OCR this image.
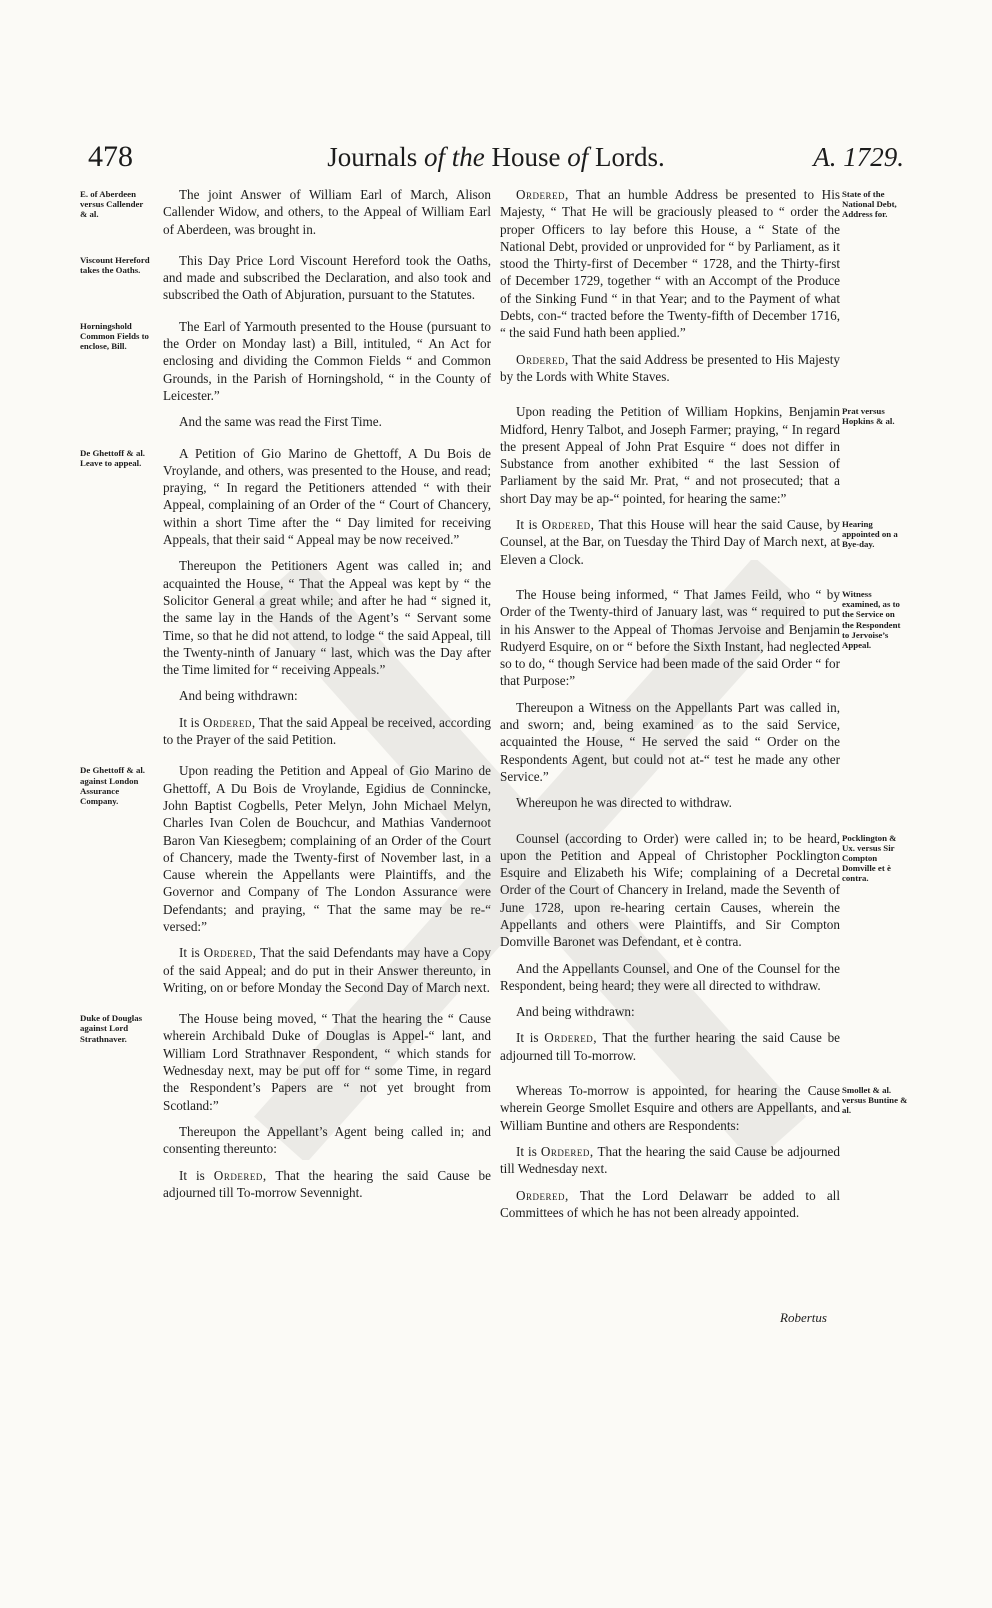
478	Journals of the House of Lords.	A. 1729.
E. of Aberdeen versus Callender & al.

The joint Answer of William Earl of March, Alison Callender Widow, and others, to the Appeal of William Earl of Aberdeen, was brought in.

Viscount Hereford takes the Oaths.

This Day Price Lord Viscount Hereford took the Oaths, and made and subscribed the Declaration, and also took and subscribed the Oath of Abjuration, pursuant to the Statutes.

Horningshold Common Fields to enclose, Bill.

The Earl of Yarmouth presented to the House (pursuant to the Order on Monday last) a Bill, intituled, “ An Act for enclosing and dividing the Common Fields “ and Common Grounds, in the Parish of Horningshold, “ in the County of Leicester.”

And the same was read the First Time.

De Ghettoff & al. Leave to appeal.

A Petition of Gio Marino de Ghettoff, A Du Bois de Vroylande, and others, was presented to the House, and read; praying, “ In regard the Petitioners attended “ with their Appeal, complaining of an Order of the “ Court of Chancery, within a short Time after the “ Day limited for receiving Appeals, that their said “ Appeal may be now received.”

Thereupon the Petitioners Agent was called in; and acquainted the House, “ That the Appeal was kept by “ the Solicitor General a great while; and after he had “ signed it, the same lay in the Hands of the Agent’s “ Servant some Time, so that he did not attend, to lodge “ the said Appeal, till the Twenty-ninth of January “ last, which was the Day after the Time limited for “ receiving Appeals.”

And being withdrawn:

It is Ordered, That the said Appeal be received, according to the Prayer of the said Petition.

De Ghettoff & al. against London Assurance Company.

Upon reading the Petition and Appeal of Gio Marino de Ghettoff, A Du Bois de Vroylande, Egidius de Connincke, John Baptist Cogbells, Peter Melyn, John Michael Melyn, Charles Ivan Colen de Bouchcur, and Mathias Vandernoot Baron Van Kiesegbem; complaining of an Order of the Court of Chancery, made the Twenty-first of November last, in a Cause wherein the Appellants were Plaintiffs, and the Governor and Company of The London Assurance were Defendants; and praying, “ That the same may be re-“ versed:”

It is Ordered, That the said Defendants may have a Copy of the said Appeal; and do put in their Answer thereunto, in Writing, on or before Monday the Second Day of March next.

Duke of Douglas against Lord Strathnaver.

The House being moved, “ That the hearing the “ Cause wherein Archibald Duke of Douglas is Appel-“ lant, and William Lord Strathnaver Respondent, “ which stands for Wednesday next, may be put off for “ some Time, in regard the Respondent’s Papers are “ not yet brought from Scotland:”

Thereupon the Appellant’s Agent being called in; and consenting thereunto:

It is Ordered, That the hearing the said Cause be adjourned till To-morrow Sevennight.

State of the National Debt, Address for.

Ordered, That an humble Address be presented to His Majesty, “ That He will be graciously pleased to “ order the proper Officers to lay before this House, a “ State of the National Debt, provided or unprovided for “ by Parliament, as it stood the Thirty-first of December “ 1728, and the Thirty-first of December 1729, together “ with an Accompt of the Produce of the Sinking Fund “ in that Year; and to the Payment of what Debts, con-“ tracted before the Twenty-fifth of December 1716, “ the said Fund hath been applied.”

Ordered, That the said Address be presented to His Majesty by the Lords with White Staves.

Prat versus Hopkins & al.

Upon reading the Petition of William Hopkins, Benjamin Midford, Henry Talbot, and Joseph Farmer; praying, “ In regard the present Appeal of John Prat Esquire “ does not differ in Substance from another exhibited “ the last Session of Parliament by the said Mr. Prat, “ and not prosecuted; that a short Day may be ap-“ pointed, for hearing the same:”

Hearing appointed on a Bye-day.

It is Ordered, That this House will hear the said Cause, by Counsel, at the Bar, on Tuesday the Third Day of March next, at Eleven a Clock.

Witness examined, as to the Service on the Respondent to Jervoise’s Appeal.

The House being informed, “ That James Feild, who “ by Order of the Twenty-third of January last, was “ required to put in his Answer to the Appeal of Thomas Jervoise and Benjamin Rudyerd Esquire, on or “ before the Sixth Instant, had neglected so to do, “ though Service had been made of the said Order “ for that Purpose:”

Thereupon a Witness on the Appellants Part was called in, and sworn; and, being examined as to the said Service, acquainted the House, “ He served the said “ Order on the Respondents Agent, but could not at-“ test he made any other Service.”

Whereupon he was directed to withdraw.

Pocklington & Ux. versus Sir Compton Domville et è contra.

Counsel (according to Order) were called in; to be heard, upon the Petition and Appeal of Christopher Pocklington Esquire and Elizabeth his Wife; complaining of a Decretal Order of the Court of Chancery in Ireland, made the Seventh of June 1728, upon re-hearing certain Causes, wherein the Appellants and others were Plaintiffs, and Sir Compton Domville Baronet was Defendant, et è contra.

And the Appellants Counsel, and One of the Counsel for the Respondent, being heard; they were all directed to withdraw.

And being withdrawn:

It is Ordered, That the further hearing the said Cause be adjourned till To-morrow.

Smollet & al. versus Buntine & al.

Whereas To-morrow is appointed, for hearing the Cause wherein George Smollet Esquire and others are Appellants, and William Buntine and others are Respondents:

It is Ordered, That the hearing the said Cause be adjourned till Wednesday next.

Ordered, That the Lord Delawarr be added to all Committees of which he has not been already appointed.

Robertus
